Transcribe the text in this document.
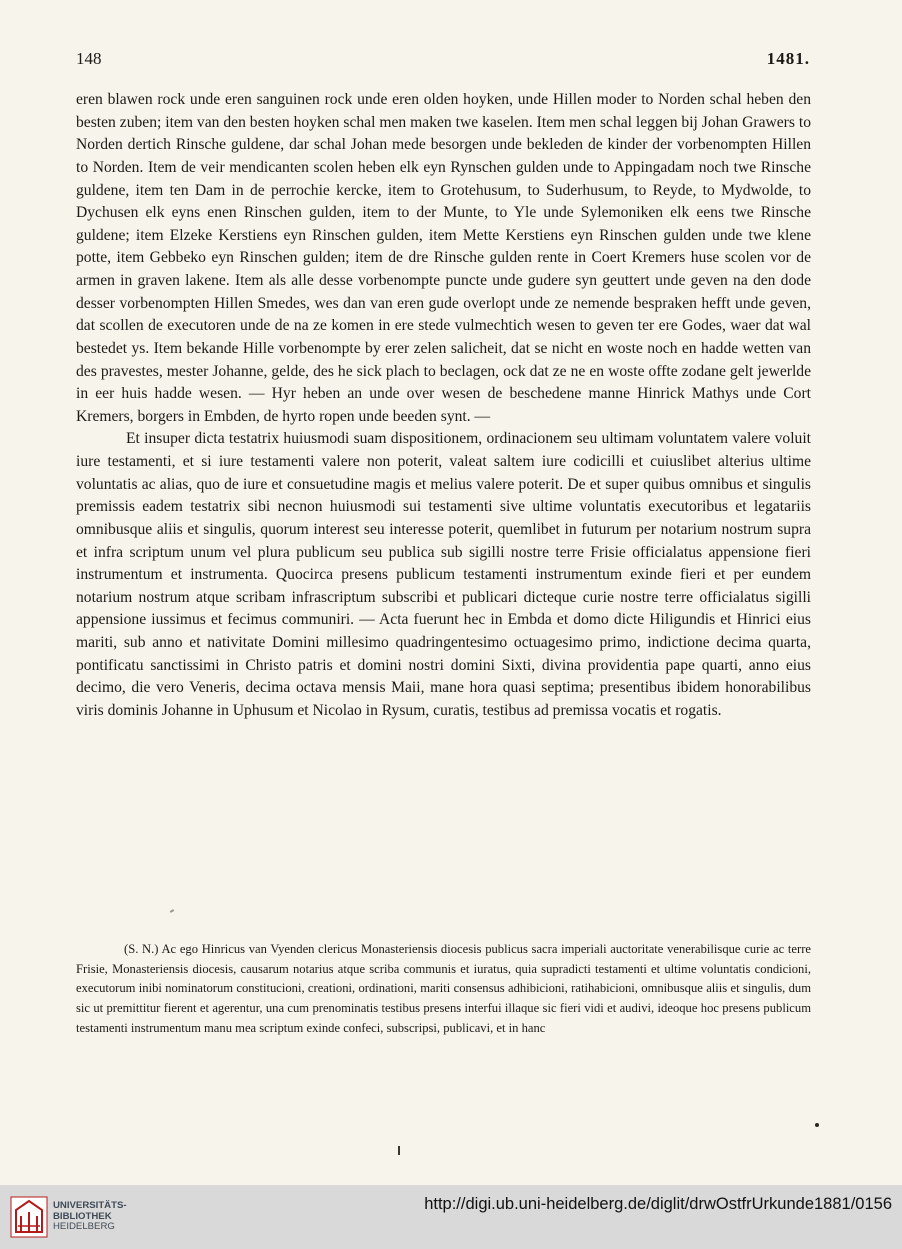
148	1481.

eren blawen rock unde eren sanguinen rock unde eren olden hoyken, unde Hillen moder to Norden schal heben den besten zuben; item van den besten hoyken schal men maken twe kaselen. Item men schal leggen bij Johan Grawers to Norden dertich Rinsche guldene, dar schal Johan mede besorgen unde bekleden de kinder der vorbenompten Hillen to Norden. Item de veir mendicanten scolen heben elk eyn Rynschen gulden unde to Appingadam noch twe Rinsche guldene, item ten Dam in de perrochie kercke, item to Grotehusum, to Suderhusum, to Reyde, to Mydwolde, to Dychusen elk eyns enen Rinschen gulden, item to der Munte, to Yle unde Sylemoniken elk eens twe Rinsche guldene; item Elzeke Kerstiens eyn Rinschen gulden, item Mette Kerstiens eyn Rinschen gulden unde twe klene potte, item Gebbeko eyn Rinschen gulden; item de dre Rinsche gulden rente in Coert Kremers huse scolen vor de armen in graven lakene. Item als alle desse vorbenompte puncte unde gudere syn geuttert unde geven na den dode desser vorbenompten Hillen Smedes, wes dan van eren gude overlopt unde ze nemende bespraken hefft unde geven, dat scollen de executoren unde de na ze komen in ere stede vulmechtich wesen to geven ter ere Godes, waer dat wal bestedet ys. Item bekande Hille vorbenompte by erer zelen salicheit, dat se nicht en woste noch en hadde wetten van des pravestes, mester Johanne, gelde, des he sick plach to beclagen, ock dat ze ne en woste offte zodane gelt jewerlde in eer huis hadde wesen. — Hyr heben an unde over wesen de beschedene manne Hinrick Mathys unde Cort Kremers, borgers in Embden, de hyrto ropen unde beeden synt. —

Et insuper dicta testatrix huiusmodi suam dispositionem, ordinacionem seu ultimam voluntatem valere voluit iure testamenti, et si iure testamenti valere non poterit, valeat saltem iure codicilli et cuiuslibet alterius ultime voluntatis ac alias, quo de iure et consuetudine magis et melius valere poterit. De et super quibus omnibus et singulis premissis eadem testatrix sibi necnon huiusmodi sui testamenti sive ultime voluntatis executoribus et legatariis omnibusque aliis et singulis, quorum interest seu interesse poterit, quemlibet in futurum per notarium nostrum supra et infra scriptum unum vel plura publicum seu publica sub sigilli nostre terre Frisie officialatus appensione fieri instrumentum et instrumenta. Quocirca presens publicum testamenti instrumentum exinde fieri et per eundem notarium nostrum atque scribam infrascriptum subscribi et publicari dicteque curie nostre terre officialatus sigilli appensione iussimus et fecimus communiri. — Acta fuerunt hec in Embda et domo dicte Hiligundis et Hinrici eius mariti, sub anno et nativitate Domini millesimo quadringentesimo octuagesimo primo, indictione decima quarta, pontificatu sanctissimi in Christo patris et domini nostri domini Sixti, divina providentia pape quarti, anno eius decimo, die vero Veneris, decima octava mensis Maii, mane hora quasi septima; presentibus ibidem honorabilibus viris dominis Johanne in Uphusum et Nicolao in Rysum, curatis, testibus ad premissa vocatis et rogatis.

(S. N.) Ac ego Hinricus van Vyenden clericus Monasteriensis diocesis publicus sacra imperiali auctoritate venerabilisque curie ac terre Frisie, Monasteriensis diocesis, causarum notarius atque scriba communis et iuratus, quia supradicti testamenti et ultime voluntatis condicioni, executorum inibi nominatorum constitucioni, creationi, ordinationi, mariti consensus adhibicioni, ratihabicioni, omnibusque aliis et singulis, dum sic ut premittitur fierent et agerentur, una cum prenominatis testibus presens interfui illaque sic fieri vidi et audivi, ideoque hoc presens publicum testamenti instrumentum manu mea scriptum exinde confeci, subscripsi, publicavi, et in hanc

UNIVERSITÄTS-
BIBLIOTHEK
HEIDELBERG
http://digi.ub.uni-heidelberg.de/diglit/drwOstfrUrkunde1881/0156
